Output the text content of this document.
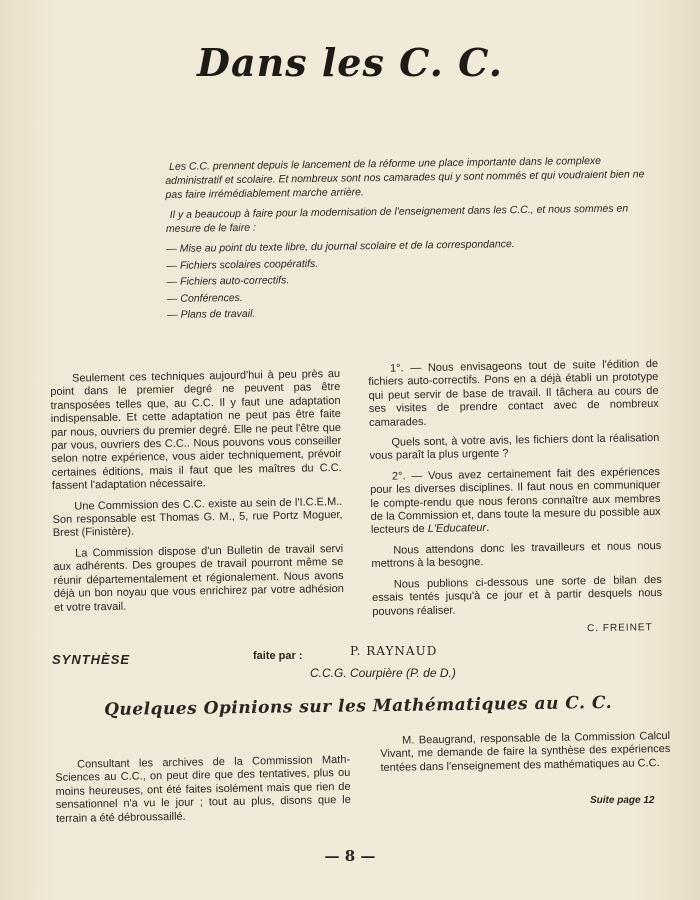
Dans les C. C.

Les C.C. prennent depuis le lancement de la réforme une place importante dans le complexe administratif et scolaire. Et nombreux sont nos camarades qui y sont nommés et qui voudraient bien ne pas faire irrémédiablement marche arrière.

Il y a beaucoup à faire pour la modernisation de l'enseignement dans les C.C., et nous sommes en mesure de le faire :

— Mise au point du texte libre, du journal scolaire et de la correspondance.
— Fichiers scolaires coopératifs.
— Fichiers auto-correctifs.
— Conférences.
— Plans de travail.

Seulement ces techniques aujourd'hui à peu près au point dans le premier degré ne peuvent pas être transposées telles que, au C.C. Il y faut une adaptation indispensable. Et cette adaptation ne peut pas être faite par nous, ouvriers du premier degré. Elle ne peut l'être que par vous, ouvriers des C.C.. Nous pouvons vous conseiller selon notre expérience, vous aider techniquement, prévoir certaines éditions, mais il faut que les maîtres du C.C. fassent l'adaptation nécessaire.

Une Commission des C.C. existe au sein de l'I.C.E.M.. Son responsable est Thomas G. M., 5, rue Portz Moguer, Brest (Finistère).

La Commission dispose d'un Bulletin de travail servi aux adhérents. Des groupes de travail pourront même se réunir départementalement et régionalement. Nous avons déjà un bon noyau que vous enrichirez par votre adhésion et votre travail.

1°. — Nous envisageons tout de suite l'édition de fichiers auto-correctifs. Pons en a déjà établi un prototype qui peut servir de base de travail. Il tâchera au cours de ses visites de prendre contact avec de nombreux camarades.

Quels sont, à votre avis, les fichiers dont la réalisation vous paraît la plus urgente ?

2°. — Vous avez certainement fait des expériences pour les diverses disciplines. Il faut nous en communiquer le compte-rendu que nous ferons connaître aux membres de la Commission et, dans toute la mesure du possible aux lecteurs de L'Educateur.

Nous attendons donc les travailleurs et nous nous mettrons à la besogne.

Nous publions ci-dessous une sorte de bilan des essais tentés jusqu'à ce jour et à partir desquels nous pouvons réaliser.

C. FREINET
SYNTHÈSE	faite par :	P. RAYNAUD
C.C.G. Courpière (P. de D.)
Quelques Opinions sur les Mathématiques au C. C.

Consultant les archives de la Commission Math-Sciences au C.C., on peut dire que des tentatives, plus ou moins heureuses, ont été faites isolément mais que rien de sensationnel n'a vu le jour ; tout au plus, disons que le terrain a été débroussaillé.

M. Beaugrand, responsable de la Commission Calcul Vivant, me demande de faire la synthèse des expériences tentées dans l'enseignement des mathématiques au C.C.

Suite page 12
— 8 —
